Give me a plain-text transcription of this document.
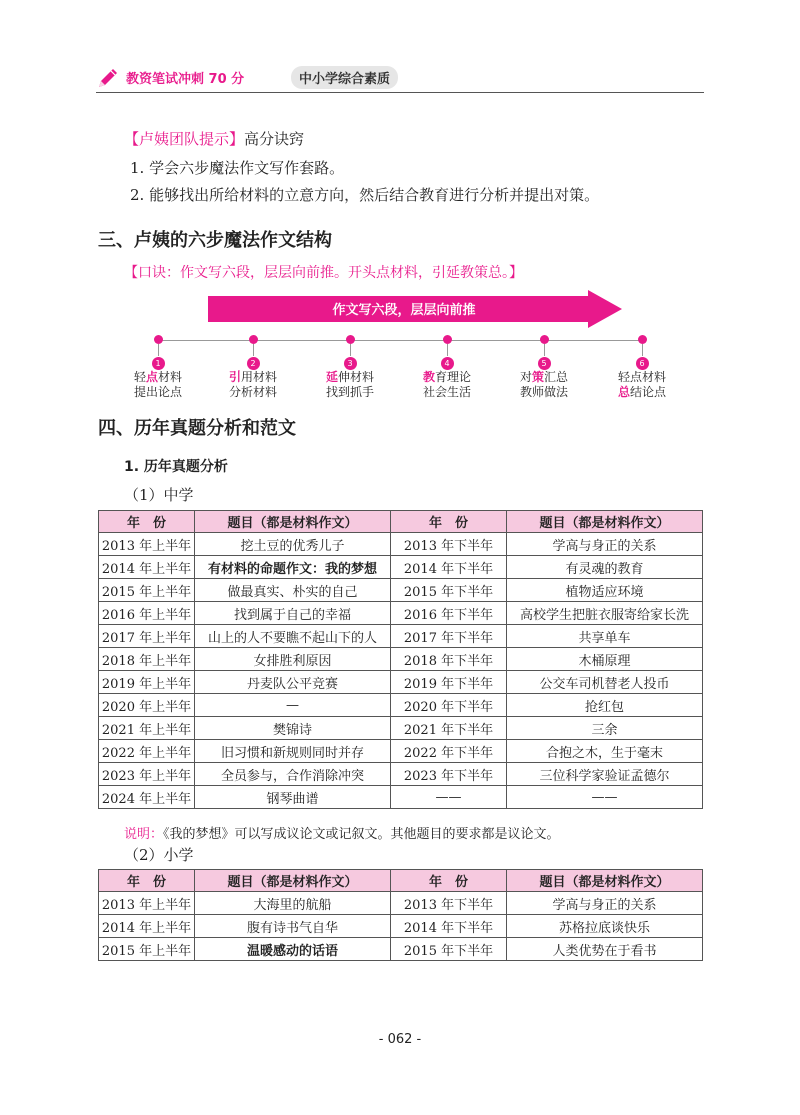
教资笔试冲刺 70 分	中小学综合素质
【卢姨团队提示】高分诀窍
1. 学会六步魔法作文写作套路。
2. 能够找出所给材料的立意方向，然后结合教育进行分析并提出对策。
三、卢姨的六步魔法作文结构
【口诀：作文写六段，层层向前推。开头点材料，引延教策总。】
作文写六段，层层向前推
1
轻点材料
提出论点
2
引用材料
分析材料
3
延伸材料
找到抓手
4
教育理论
社会生活
5
对策汇总
教师做法
6
轻点材料
总结论点
四、历年真题分析和范文
1. 历年真题分析
（1）中学
年　份	题目（都是材料作文）	年　份	题目（都是材料作文）
2013 年上半年	挖土豆的优秀儿子	2013 年下半年	学高与身正的关系
2014 年上半年	有材料的命题作文：我的梦想	2014 年下半年	有灵魂的教育
2015 年上半年	做最真实、朴实的自己	2015 年下半年	植物适应环境
2016 年上半年	找到属于自己的幸福	2016 年下半年	高校学生把脏衣服寄给家长洗
2017 年上半年	山上的人不要瞧不起山下的人	2017 年下半年	共享单车
2018 年上半年	女排胜利原因	2018 年下半年	木桶原理
2019 年上半年	丹麦队公平竞赛	2019 年下半年	公交车司机替老人投币
2020 年上半年	—	2020 年下半年	抢红包
2021 年上半年	樊锦诗	2021 年下半年	三余
2022 年上半年	旧习惯和新规则同时并存	2022 年下半年	合抱之木，生于毫末
2023 年上半年	全员参与，合作消除冲突	2023 年下半年	三位科学家验证孟德尔
2024 年上半年	钢琴曲谱	——	——
说明：《我的梦想》可以写成议论文或记叙文。其他题目的要求都是议论文。
（2）小学
年　份	题目（都是材料作文）	年　份	题目（都是材料作文）
2013 年上半年	大海里的航船	2013 年下半年	学高与身正的关系
2014 年上半年	腹有诗书气自华	2014 年下半年	苏格拉底谈快乐
2015 年上半年	温暖感动的话语	2015 年下半年	人类优势在于看书
- 062 -
